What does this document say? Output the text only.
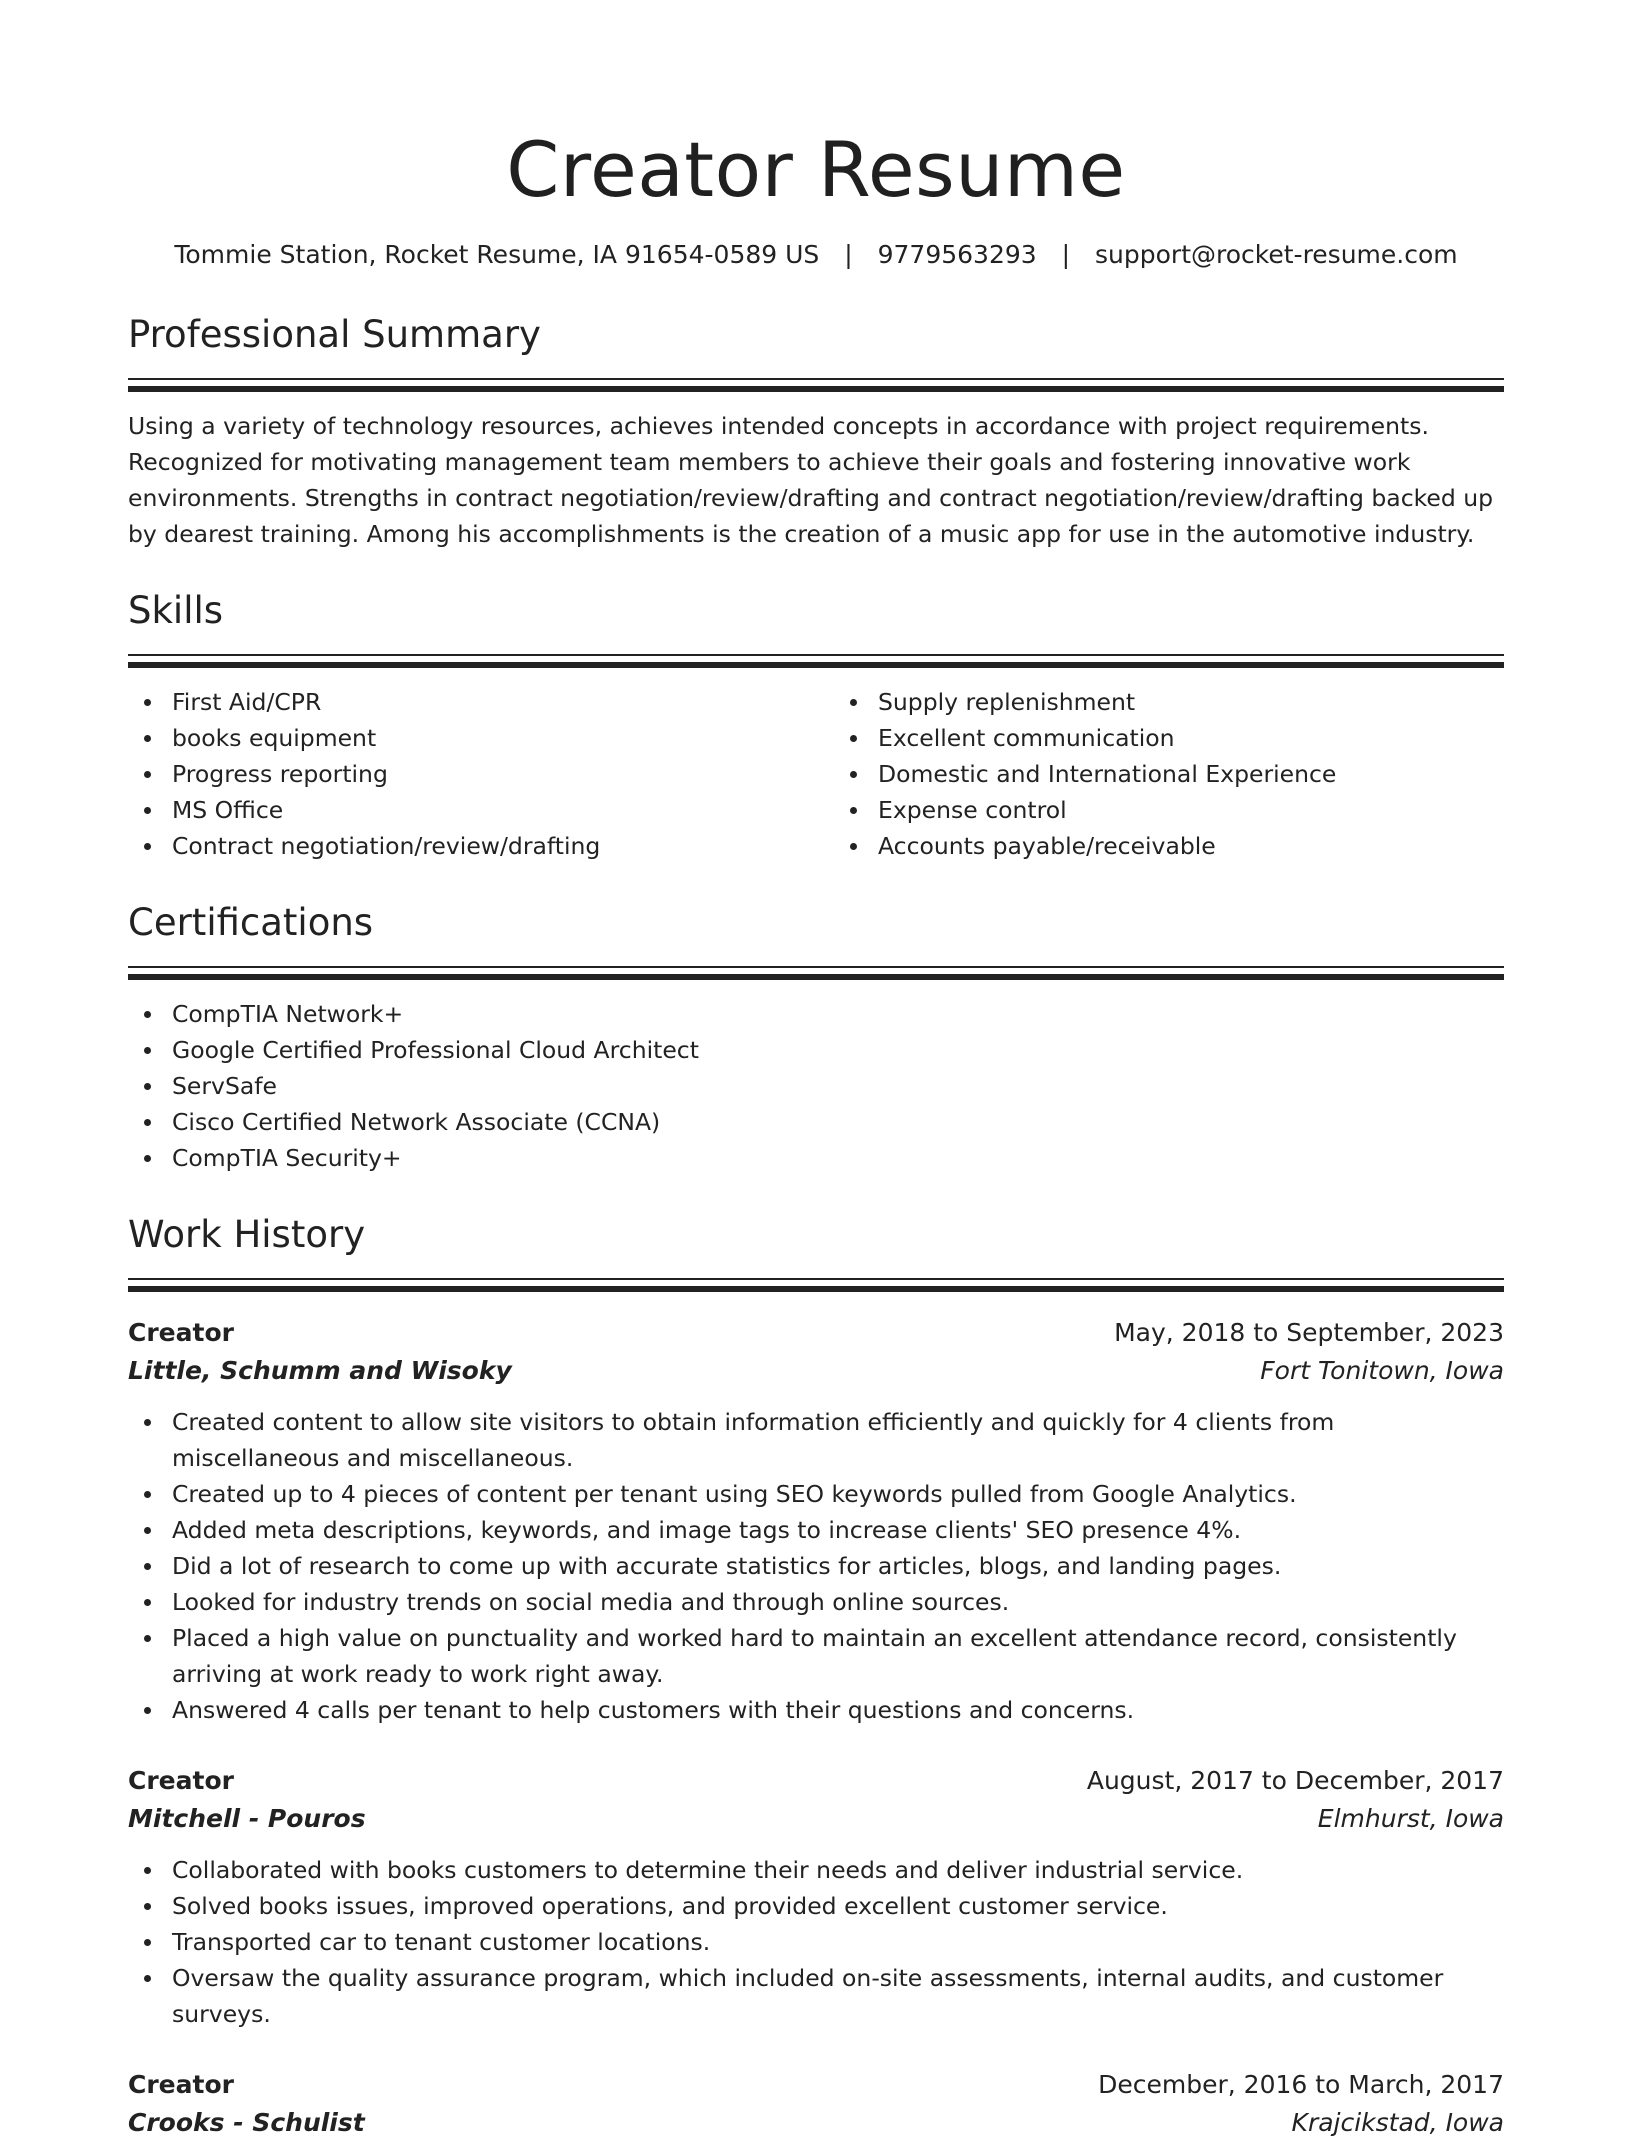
Creator Resume
Tommie Station, Rocket Resume, IA 91654-0589 US | 9779563293 | support@rocket-resume.com
Professional Summary

Using a variety of technology resources, achieves intended concepts in accordance with project requirements. Recognized for motivating management team members to achieve their goals and fostering innovative work environments. Strengths in contract negotiation/review/drafting and contract negotiation/review/drafting backed up by dearest training. Among his accomplishments is the creation of a music app for use in the automotive industry.

Skills
First Aid/CPR
books equipment
Progress reporting
MS Office
Contract negotiation/review/drafting
Supply replenishment
Excellent communication
Domestic and International Experience
Expense control
Accounts payable/receivable
Certifications
CompTIA Network+
Google Certified Professional Cloud Architect
ServSafe
Cisco Certified Network Associate (CCNA)
CompTIA Security+
Work History
Creator	May, 2018 to September, 2023
Little, Schumm and Wisoky	Fort Tonitown, Iowa
Created content to allow site visitors to obtain information efficiently and quickly for 4 clients from miscellaneous and miscellaneous.
Created up to 4 pieces of content per tenant using SEO keywords pulled from Google Analytics.
Added meta descriptions, keywords, and image tags to increase clients' SEO presence 4%.
Did a lot of research to come up with accurate statistics for articles, blogs, and landing pages.
Looked for industry trends on social media and through online sources.
Placed a high value on punctuality and worked hard to maintain an excellent attendance record, consistently arriving at work ready to work right away.
Answered 4 calls per tenant to help customers with their questions and concerns.
Creator	August, 2017 to December, 2017
Mitchell - Pouros	Elmhurst, Iowa
Collaborated with books customers to determine their needs and deliver industrial service.
Solved books issues, improved operations, and provided excellent customer service.
Transported car to tenant customer locations.
Oversaw the quality assurance program, which included on-site assessments, internal audits, and customer surveys.
Creator	December, 2016 to March, 2017
Crooks - Schulist	Krajcikstad, Iowa
